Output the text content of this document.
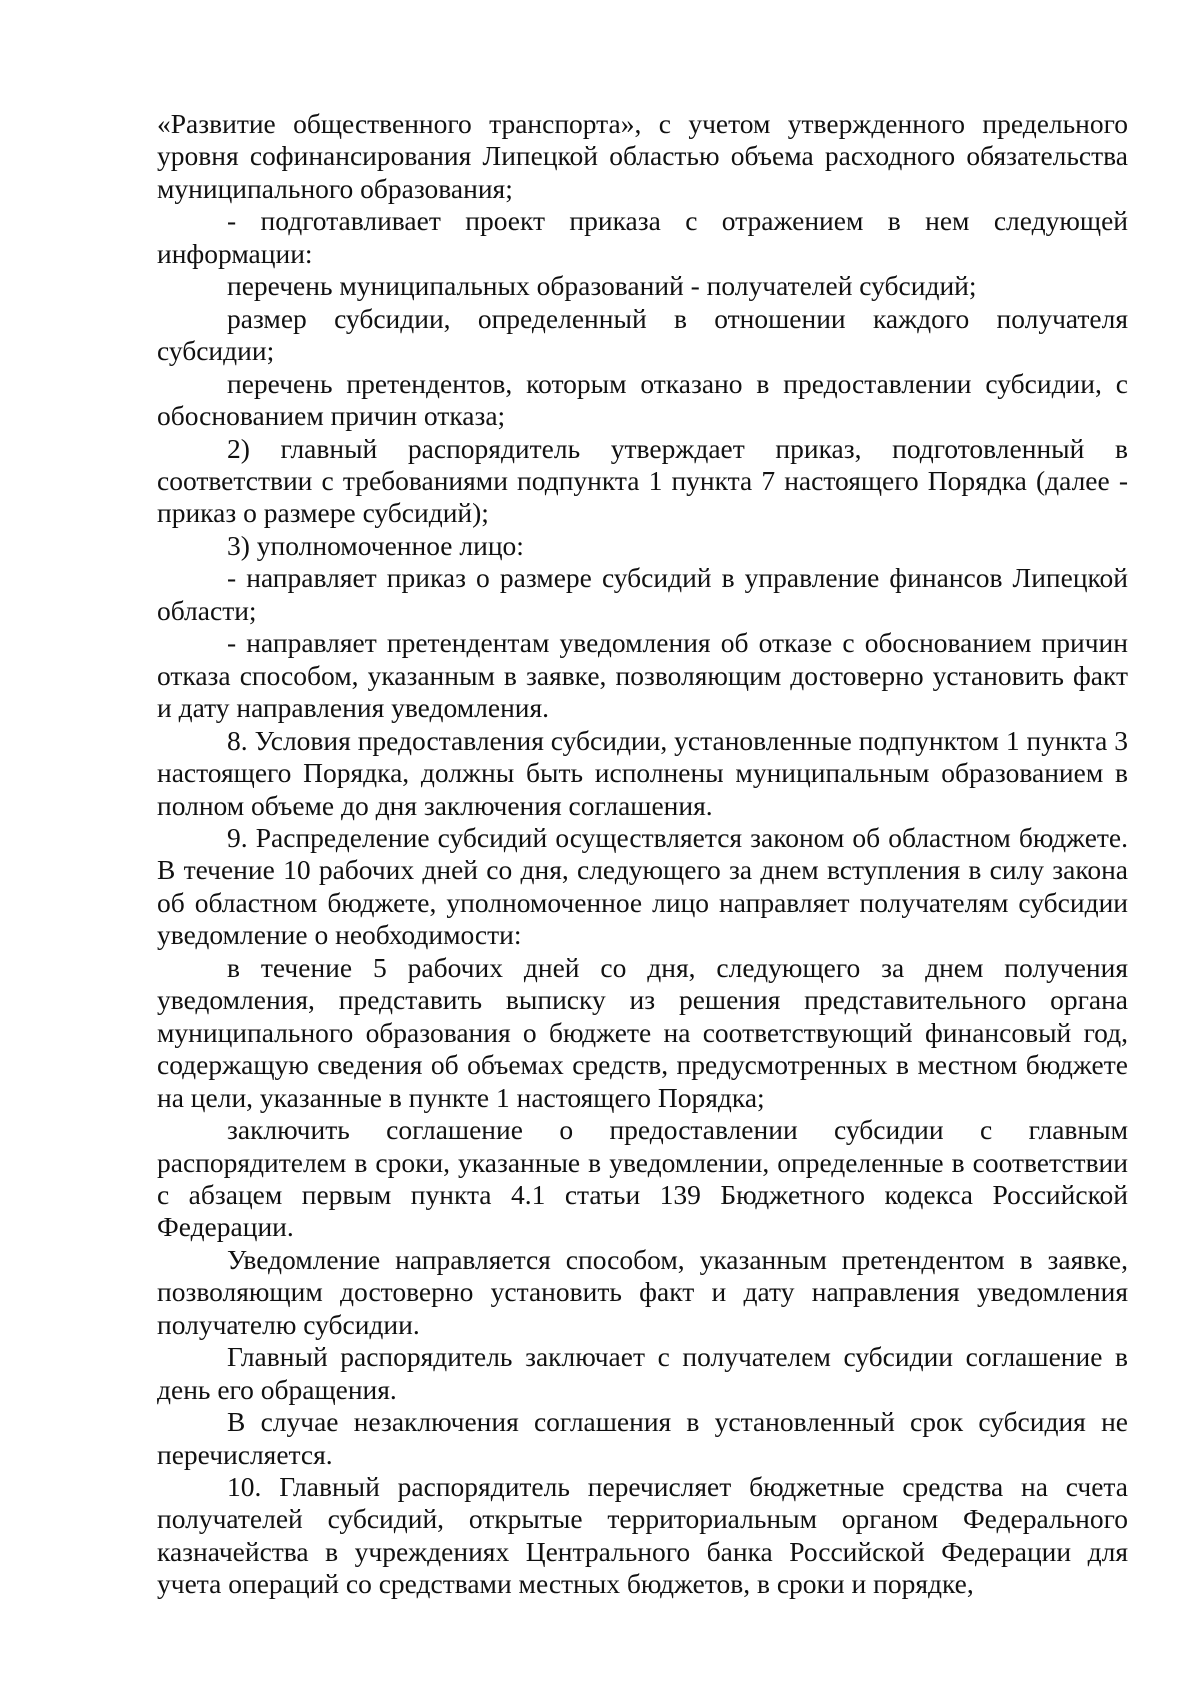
«Развитие общественного транспорта», с учетом утвержденного предельного уровня софинансирования Липецкой областью объема расходного обязательства муниципального образования;

- подготавливает проект приказа с отражением в нем следующей информации:

перечень муниципальных образований - получателей субсидий;

размер субсидии, определенный в отношении каждого получателя субсидии;

перечень претендентов, которым отказано в предоставлении субсидии, с обоснованием причин отказа;

2) главный распорядитель утверждает приказ, подготовленный в соответствии с требованиями подпункта 1 пункта 7 настоящего Порядка (далее - приказ о размере субсидий);

3) уполномоченное лицо:

- направляет приказ о размере субсидий в управление финансов Липецкой области;

- направляет претендентам уведомления об отказе с обоснованием причин отказа способом, указанным в заявке, позволяющим достоверно установить факт и дату направления уведомления.

8. Условия предоставления субсидии, установленные подпунктом 1 пункта 3 настоящего Порядка, должны быть исполнены муниципальным образованием в полном объеме до дня заключения соглашения.

9. Распределение субсидий осуществляется законом об областном бюджете. В течение 10 рабочих дней со дня, следующего за днем вступления в силу закона об областном бюджете, уполномоченное лицо направляет получателям субсидии уведомление о необходимости:

в течение 5 рабочих дней со дня, следующего за днем получения уведомления, представить выписку из решения представительного органа муниципального образования о бюджете на соответствующий финансовый год, содержащую сведения об объемах средств, предусмотренных в местном бюджете на цели, указанные в пункте 1 настоящего Порядка;

заключить соглашение о предоставлении субсидии с главным распорядителем в сроки, указанные в уведомлении, определенные в соответствии с абзацем первым пункта 4.1 статьи 139 Бюджетного кодекса Российской Федерации.

Уведомление направляется способом, указанным претендентом в заявке, позволяющим достоверно установить факт и дату направления уведомления получателю субсидии.

Главный распорядитель заключает с получателем субсидии соглашение в день его обращения.

В случае незаключения соглашения в установленный срок субсидия не перечисляется.

10. Главный распорядитель перечисляет бюджетные средства на счета получателей субсидий, открытые территориальным органом Федерального казначейства в учреждениях Центрального банка Российской Федерации для учета операций со средствами местных бюджетов, в сроки и порядке,
